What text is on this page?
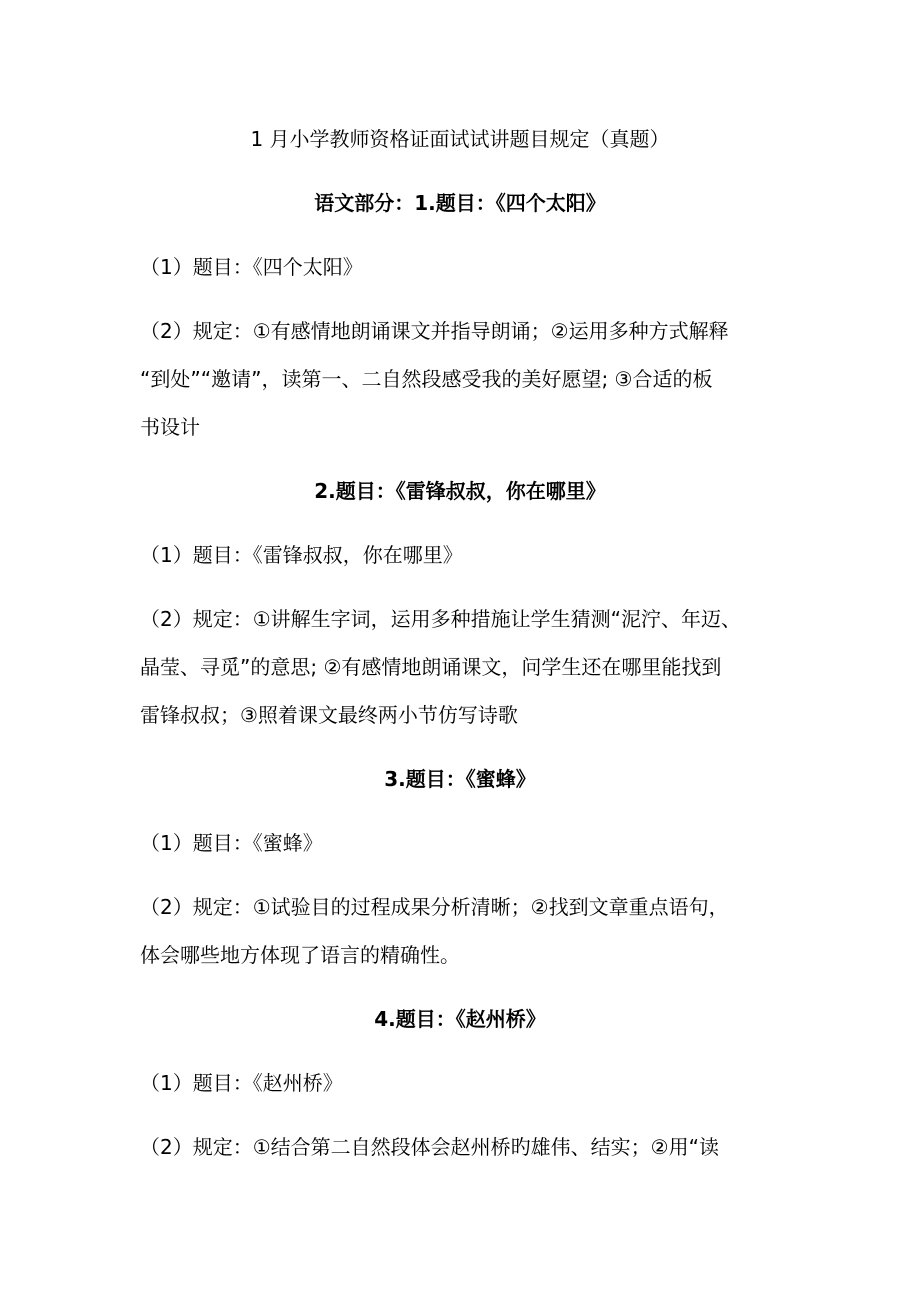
1 月小学教师资格证面试试讲题目规定（真题）
语文部分：1.题目：《四个太阳》
（1）题目：《四个太阳》
（2）规定：①有感情地朗诵课文并指导朗诵；②运用多种方式解释
“到处”“邀请”，读第一、二自然段感受我的美好愿望; ③合适的板
书设计
2.题目：《雷锋叔叔，你在哪里》
（1）题目：《雷锋叔叔，你在哪里》
（2）规定：①讲解生字词，运用多种措施让学生猜测“泥泞、年迈、
晶莹、寻觅”的意思; ②有感情地朗诵课文，问学生还在哪里能找到
雷锋叔叔；③照着课文最终两小节仿写诗歌
3.题目：《蜜蜂》
（1）题目：《蜜蜂》
（2）规定：①试验目的过程成果分析清晰；②找到文章重点语句，
体会哪些地方体现了语言的精确性。
4.题目：《赵州桥》
（1）题目：《赵州桥》
（2）规定：①结合第二自然段体会赵州桥旳雄伟、结实；②用“读
